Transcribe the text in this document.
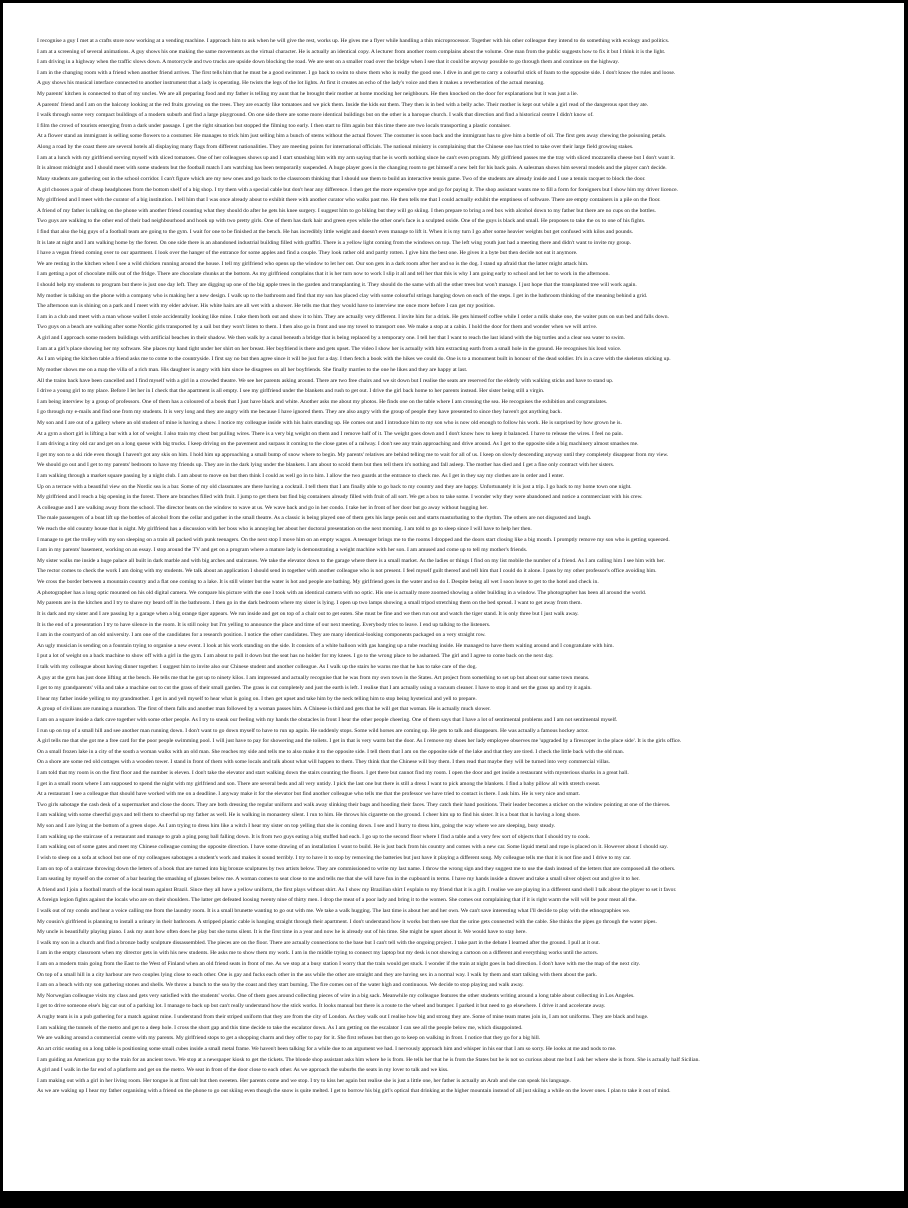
I recognise a guy I met at a crafts store now working at a vending machine. I approach him to ask when he will give the rest, works up. He gives me a flyer while handling a thin microprocessor. Together with his other colleague they intend to do something with ecology and politics.
I am at a screening of several animations. A guy shows his one making the same movements as the virtual character. He is actually an identical copy. A lecturer from another room complains about the volume. One man from the public suggests how to fix it but I think it is the light.
I am driving in a highway when the traffic slows down. A motorcycle and two trucks are upside down blocking the road. We are sent on a smaller road over the bridge when I see that it could be anyway possible to go through them and continue on the highway.
I am in the changing room with a friend when another friend arrives. The first tells him that he must be a good swimmer. I go back to swim to show them who is really the good one. I dive in and get to carry a colourful stick of foam to the opposite side. I don't know the rules and loose.
A guy shows his musical interface connected to another instrument that a lady is operating. He twists the legs of the lot lights. At first it creates an echo of the lady's voice and then it makes a reverberation of the actual meaning.
My parents' kitchen is connected to that of my uncles. We are all preparing food and my father is telling my aunt that he brought their mother at home mocking her neighbours. He then knocked on the door for explanations but it was just a lie.
A parents' friend and I am on the balcony looking at the red fruits growing on the trees. They are exactly like tomatoes and we pick them. Inside the kids eat them. They then is in bed with a belly ache. Their mother is kept out while a girl read of the dangerous spot they ate.
I walk through some very compact buildings of a modern suburb and find a large playground. On one side there are some more identical buildings but on the other is a baroque church. I walk that direction and find a historical centre I didn't know of.
I film the crowd of tourists emerging from a dark under passage. I get the right situation but stopped the filming too early. I then start to film again but this time there are two locals transporting a plastic container.
At a flower stand an immigrant is selling some flowers to a costumer. He manages to trick him just selling him a bunch of stems without the actual flower. The costumer is soon back and the immigrant has to give him a bottle of oil. The first gets away chewing the poisoning petals.
Along a road by the coast there are several hotels all displaying many flags from different nationalities. They are meeting points for international officials. The national ministry is complaining that the Chinese one has tried to take over their large field growing stakes.
I am at a lunch with my girlfriend serving myself with sliced tomatoes. One of her colleagues shows up and I start smashing him with my arm saying that he is worth nothing since he can't even program. My girlfriend passes me the tray with sliced mozzarella cheese but I don't want it.
It is almost midnight and I should meet with some students but the football match I am watching has been temporarily suspended. A huge player goes in the changing room to get himself a new belt for his back pain. A salesman shows him several models and the player can't decide.
Many students are gathering out in the school corridor. I can't figure which are my new ones and go back to the classroom thinking that I should use them to build an interactive tennis game. Two of the students are already inside and I use a tennis racquet to block the door.
A girl chooses a pair of cheap headphones from the bottom shelf of a big shop. I try them with a special cable but don't hear any difference. I then get the more expensive type and go for paying it. The shop assistant wants me to fill a form for foreigners but I show him my driver licence.
My girlfriend and I meet with the curator of a big institution. I tell him that I was once already about to exhibit there with another curator who walks past me. He then tells me that I could actually exhibit the emptiness of software. There are empty containers in a pile on the floor.
A friend of my father is talking on the phone with another friend counting what they should do after he gets his knee surgery. I suggest him to go biking but they will go skiing. I then prepare to bring a red box with alcohol down to my father but there are no cups on the bottles.
Two guys are walking to the other end of their bad neighbourhood and hook up with two pretty girls. One of them has dark hair and green eyes while the other one's face is a sculpted oxide. One of the guys is black and small. He proposes to take the ox to one of his fights.
I find that also the big guys of a football team are going to the gym. I wait for one to be finished at the bench. He has incredibly little weight and doesn't even manage to lift it. When it is my turn I go after some heavier weights but get confused with kilos and pounds.
It is late at night and I am walking home by the forest. On one side there is an abandoned industrial building filled with graffiti. There is a yellow light coming from the windows on top. The left wing youth just had a meeting there and didn't want to invite my group.
I have a vegan friend coming over to our apartment. I look over the hanger of the entrance for some apples and find a couple. They look rather old and partly rotten. I give him the best one. He gives it a byte but then decide not eat it anymore.
We are resting in the kitchen when I see a wild chicken running around the house. I tell my girlfriend who opens up the window to let her out. Our son gets in a dark room after her and so is the dog. I stand up afraid that the latter might attack him.
I am getting a pot of chocolate milk out of the fridge. There are chocolate chunks at the bottom. As my girlfriend complains that it is her turn now to work I slip it all and tell her that this is why I am going early to school and let her to work in the afternoon.
I should help my students to program but there is just one day left. They are digging up one of the big apple trees in the garden and transplanting it. They should do the same with all the other trees but won't manage. I just hope that the transplanted tree will work again.
My mother is talking on the phone with a company who is making her a new design. I walk up to the bathroom and find that my son has placed clay with some colourful strings hanging down on each of the steps. I get in the bathroom thinking of the meaning behind a grid.
The afternoon sun is shining on a park and I meet with my elder adviser. His white hairs are all wet with a shower. He tells me that they would have to interview me once more before I can get my position.
I am in a club and meet with a man whose wallet I stole accidentally looking like mine. I take them both out and show it to him. They are actually very different. I invite him for a drink. He gets himself coffee while I order a milk shake one, the waiter puts on sun bed and falls down.
Two guys on a beach are walking after some Nordic girls transported by a sail but they won't listen to them. I then also go in front and use my towel to transport one. We make a stop at a cabin. I hold the door for them and wonder when we will arrive.
A girl and I approach some modern buildings with artificial beaches in their shadow. We then walk by a canal beneath a bridge that is being replaced by a temporary one. I tell her that I want to reach the last island with the big turtles and a clear sea water to swim.
I am at a girl's place showing her my software. She places my hand tight under her shirt on her breast. Her boyfriend is there and gets upset. The video I show her is actually with him extracting earth from a small hole in the ground. He recognises his loud voice.
As I am wiping the kitchen table a friend asks me to come to the countryside. I first say no but then agree since it will be just for a day. I then fetch a book with the hikes we could do. One is to a monument built in honour of the dead soldier. It's in a cave with the skeleton sticking up.
My mother shows me on a map the villa of a rich man. His daughter is angry with him since he disagrees on all her boyfriends. She finally marries to the one he likes and they are happy at last.
All the trains back have been cancelled and I find myself with a girl in a crowded theatre. We see her parents asking around. There are two free chairs and we sit down but I realise the seats are reserved for the elderly with walking sticks and have to stand up.
I drive a young girl to my place. Before I let her in I check that the apartment is all empty. I see my girlfriend under the blankets and rush to get out. I drive the girl back home to her parents instead. Her sister being still a virgin.
I am being interview by a group of professors. One of them has a coloured of a book that I just have black and white. Another asks me about my photos. He finds one on the table where I am crossing the sea. He recognises the exhibition and congratulates.
I go through my e-mails and find one from my students. It is very long and they are angry with me because I have ignored them. They are also angry with the group of people they have presented to since they haven't got anything back.
My son and I are out of a gallery where an old student of mine is having a show. I notice my colleague inside with his hairs standing up. He comes out and I introduce him to my son who is now old enough to follow his work. He is surprised by how grown he is.
At a gym a short girl is lifting a bar with a lot of weight. I also train my chest but pulling wires. There is a very big weight on them and I remove half of it. The weight goes down and I don't know how to keep it balanced. I have to release the wires. I feel no pain.
I am driving a tiny old car and get on a long queue with big trucks. I keep driving on the pavement and surpass it coming to the close gates of a railway. I don't see any train approaching and drive around. As I get to the opposite side a big machinery almost smashes me.
I get my son to a ski ride even though I haven't got any skis on him. I hold him up approaching a small bump of snow where to begin. My parents' relatives are behind telling me to wait for all of us. I keep on slowly descending anyway until they completely disappear from my view.
We should go out and I get to my parents' bedroom to have my friends up. They are in the dark lying under the blankets. I am about to scold them but then tell them it's nothing and fall asleep. The mother has died and I get a fine only contract with her sisters.
I am walking through a market square passing by a night club. I am about to move on but then think I could as well go in to him. I allow the two guards at the entrance to check me. As I get in they say my clothes are in order and I enter.
Up on a terrace with a beautiful view on the Nordic sea is a bar. Some of my old classmates are there having a cocktail. I tell them that I am finally able to go back to my country and they are happy. Unfortunately it is just a trip. I go back to my home town one night.
My girlfriend and I reach a big opening in the forest. There are branches filled with fruit. I jump to get them but find big containers already filled with fruit of all sort. We get a box to take some. I wonder why they were abandoned and notice a commerciant with his crew.
A colleague and I are walking away from the school. The director beats on the window to wave at us. We wave back and go in her condo. I take her in front of her door but go away without hugging her.
The male passengers of a boat lift up the bottles of alcohol from the cellar and gather in the small theatre. As a classic is being played one of them gets his large penis out and starts masturbating to the rhythm. The others are not disgusted and laugh.
We reach the old country house that is night. My girlfriend has a discussion with her boss who is annoying her about her doctoral presentation on the next morning. I am told to go to sleep since I will have to help her then.
I manage to get the trolley with my son sleeping on a train all packed with punk teenagers. On the next stop I move him on an empty wagon. A teenager brings me to the rooms I dropped and the doors start closing like a big mouth. I promptly remove my son who is getting squeezed.
I am in my parents' basement, working on an essay. I stop around the TV and get on a program where a mature lady is demonstrating a weight machine with her son. I am amused and come up to tell my mother's friends.
My sister walks me inside a huge palace all built in dark marble and with big arches and staircases. We take the elevator down to the garage where there is a small market. As the ladies or things I find on my list mobile the number of a friend. As I am calling him I see him with her.
The rector comes to check the work I am doing with my students. We talk about an application I should send in together with another colleague who is not present. I feel myself guilt thereof and tell him that I could do it alone. I pass by my other professor's office avoiding him.
We cross the border between a mountain country and a flat one coming to a lake. It is still winter but the water is hot and people are bathing. My girlfriend goes in the water and so do I. Despite being all wet I soon leave to get to the hotel and check in.
A photographer has a long optic mounted on his old digital camera. We compare his picture with the one I took with an identical camera with no optic. His one is actually more zoomed showing a older building in a window. The photographer has been all around the world.
My parents are in the kitchen and I try to shave my beard off in the bathroom. I then go in the dark bedroom where my sister is lying. I open up two lamps showing a small tripod stretching them on the bed spread. I want to get away from them.
It is dark and my sister and I are passing by a garage when a big orange tiger appears. We run inside and get on top of a chair out to get eaten. She must be fine and we then run out and watch the tiger stand. It is only three but I just walk away.
It is the end of a presentation I try to have silence in the room. It is still noisy but I'm yelling to announce the place and time of our next meeting. Everybody tries to leave. I end up talking to the listeners.
I am in the courtyard of an old university. I am one of the candidates for a research position. I notice the other candidates. They are many identical-looking components packaged on a very straight row.
An ugly musician is sending on a fountain trying to organise a new event. I look at his work standing on the side. It consists of a white balloon with gas hanging up a tube reaching inside. He managed to have them waiting around and I congratulate with him.
I put a lot of weight on a back machine to show off with a girl in the gym. I am about to pull it down but the seat has no holder for my knees. I go to the wrong place to be ashamed. The girl and I agree to come back on the next day.
I talk with my colleague about having dinner together. I suggest him to invite also our Chinese student and another colleague. As I walk up the stairs he warns me that he has to take care of the dog.
A guy at the gym has just done lifting at the bench. He tells me that he got up to ninety kilos. I am impressed and actually recognise that he was from my own town in the States. Art project from something to set up but about our same town means.
I get to my grandparents' villa and take a machine out to cut the grass of their small garden. The grass is cut completely and just the earth is left. I realise that I am actually using a vacuum cleaner. I have to stop it and set the grass up and try it again.
I hear my father inside yelling to my grandmother. I get in and yell myself to hear what is going on. I then get upset and take him by the neck telling him to stop being hysterical and yell to prepare.
A group of civilians are running a marathon. The first of them falls and another man followed by a woman passes him. A Chinese is third and gets that he will get that woman. He is actually much slower.
I am on a square inside a dark cave together with some other people. As I try to sneak our feeling with my hands the obstacles in front I hear the other people cheering. One of them says that I have a lot of sentimental problems and I am not sentimental myself.
I run up on top of a small hill and see another man running down. I don't want to go down myself to have to run up again. He suddenly stops. Some wild horses are coming up. He gets to talk and disappears. He was actually a famous hockey actor.
A girl tells me that she got me a free card for the poor people swimming pool. I will just have to pay for showering and the toilets. I get in that is very warm but the door. As I remove my shoes her lady employee observes me 'upgraded by a firescoper in the place side'. It is the girls office.
On a small frozen lake in a city of the south a woman walks with an old man. She reaches my side and tells me to also make it to the opposite side. I tell them that I am on the opposite side of the lake and that they are tired. I check the little back with the old man.
On a shore are some red old cottages with a wooden tower. I stand in front of them with some locals and talk about what will happen to them. They think that the Chinese will buy them. I then read that maybe they will be turned into very commercial villas.
I am told that my room is on the first floor and the number is eleven. I don't take the elevator and start walking down the stairs counting the floors. I get there but cannot find my room. I open the door and get inside a restaurant with mysterious sharks in a great hall.
I get in a small room where I am supposed to spend the night with my girlfriend and son. There are several beds and all very untidy. I pick the last one but there is still a dress I want to pick among the blankets. I find a baby pillow all with stretch sweat.
At a restaurant I see a colleague that should have worked with me on a deadline. I anyway make it for the elevator but find another colleague who tells me that the professor we have tried to contact is there. I ask him. He is very nice and smart.
Two girls sabotage the cash desk of a supermarket and close the doors. They are both dressing the regular uniform and walk away slinking their bags and hooding their faces. They catch their hand positions. Their leader becomes a sticker on the window pointing at one of the thieves.
I am walking with some cheerful guys and tell them to cheerful up my father as well. He is walking in monastery silent. I run to him. He throws his cigarette on the ground. I cheer him up to find his sister. It is a boat that is having a long shore.
My son and I are lying at the bottom of a green slope. As I am trying to dress him like a witch I hear my sister on top yelling that she is coming down. I see and I hurry to dress him, going the way where we are sleeping, busy steady.
I am walking up the staircase of a restaurant and manage to grab a ping pong ball falling down. It is from two guys eating a big stuffed bad each. I go up to the second floor where I find a table and a very few sort of objects that I should try to cook.
I am walking out of some gates and meet my Chinese colleague coming the opposite direction. I have some drawing of an installation I want to build. He is just back from his country and comes with a new car. Some liquid metal and rope is placed on it. However about I should say.
I wish to sleep on a sofa at school but one of my colleagues sabotages a student's work and makes it sound terribly. I try to have it to stop by removing the batteries but just have it playing a different song. My colleague tells me that it is not fine and I drive to my car.
I am on top of a staircase throwing down the letters of a book that are turned into big bronze sculptures by two artists below. They are commissioned to write my last name. I throw the wrong sign and they suggest me to use the dash instead of the letters that are composed all the others.
I am seating by myself on the corner of a bar hearing the smashing of glasses below me. A woman comes to seat close to me and tells me that she will have fun in the cupboard in terms. I have my hands inside a drawer and take a small silver object out and give it to her.
A friend and I join a football match of the local team against Brazil. Since they all have a yellow uniform, the first plays without shirt. As I show my Brazilian shirt I explain to my friend that it is a gift. I realise we are playing in a different sand shell I talk about the player to set it favor.
A foreign legion fights against the locals who are on their shoulders. The latter get defeated loosing twenty nine of thirty men. I drop the meat of a poor lady and bring it to the women. She comes out complaining that if it is right warm the will will be pour meat all the.
I walk out of my condo and hear a voice calling me from the laundry room. It is a small brunette wanting to go out with me. We take a walk hugging. The last time is about her and her own. We can't save interesting what I'll decide to play with the ethnographies we.
My cousin's girlfriend is planning to install a urinary in their bathroom. A stripped plastic cable is hanging straight through their apartment. I don't understand how it works but then see that the urine gets connected with the cable. She thinks the pipes go through the water pipes.
My uncle is beautifully playing piano. I ask my aunt how often does he play but she turns silent. It is the first time in a year and now he is already out of his time. She might be upset about it. We would have to stay here.
I walk my son in a church and find a bronze badly sculpture dissassembled. The pieces are on the floor. There are actually connections to the base but I can't tell with the ongoing project. I take part in the debate I learned after the ground. I pull at it out.
I am in the empty classroom when my director gets in with his new students. He asks me to show them my work. I am in the middle trying to connect my laptop but my desk is not showing a cartoon on a different and everything works until the actors.
I am on a modern train going from the East to the West of Finland when an old friend seats in front of me. As we stop at a busy station I worry that the train would get stuck. I wonder if the train at night goes in bad direction. I don't have with me the map of the next city.
On top of a small hill in a city harbour are two couples lying close to each other. One is gay and fucks each other in the ass while the other are straight and they are having sex in a normal way. I walk by them and start talking with them about the park.
I am on a beach with my son gathering stones and shells. We throw a bunch to the sea by the coast and they start burning. The fire comes out of the water high and continuous. We decide to stop playing and walk away.
My Norwegian colleague visits my class and gets very satisfied with the students' works. One of them goes around collecting pieces of wire in a big sack. Meanwhile my colleague features the other students writing around a long table about collecting in Los Angeles.
I get to drive someone else's big car out of a parking lot. I manage to back up but can't really understand how the stick works. It looks manual but there is a route to the wheel and bumper. I parked it but need to go elsewhere. I drive it and accelerate away.
A rugby team is in a pub gathering for a match against mine. I understand from their striped uniform that they are from the city of London. As they walk out I realise how big and strong they are. Some of mine team mates join in, I am not uniforms. They are black and huge.
I am walking the tunnels of the metro and get to a deep hole. I cross the short gap and this time decide to take the escalator down. As I am getting on the escalator I can see all the people below me, which disappointed.
We are walking around a commercial centre with my parents. My girlfriend stops to get a shopping charm and they offer to pay for it. She first refuses but then go to keep on walking in front. I notice that they go for a big hill.
An art critic seating on a long table is positioning some small cubes inside a small metal frame. We haven't been talking for a while due to an argument we had. I nervously approach him and whisper in his ear that I am so sorry. He looks at me and nods to me.
I am guiding an American guy to the train for an ancient town. We stop at a newspaper kiosk to get the tickets. The blonde shop assistant asks him where he is from. He tells her that he is from the States but he is not so curious about me but I ask her where she is from. She is actually half Sicilian.
A girl and I walk in the far end of a platform and get on the metro. We seat in front of the door close to each other. As we approach the suburbs the seats in my lover to talk and we kiss.
I am making out with a girl in her living room. Her tongue is at first salt but then sweeten. Her parents come and we stop. I try to kiss her again but realise she is just a little one, her father is actually an Arab and she can speak his language.
As we are waking up I hear my father organising with a friend on the phone to go out skiing even though the snow is quite melted. I get to borrow his big girl's optical that drinking at the higher mountain instead of all just skiing a while on the lower ones. I plan to take it out of mind.
